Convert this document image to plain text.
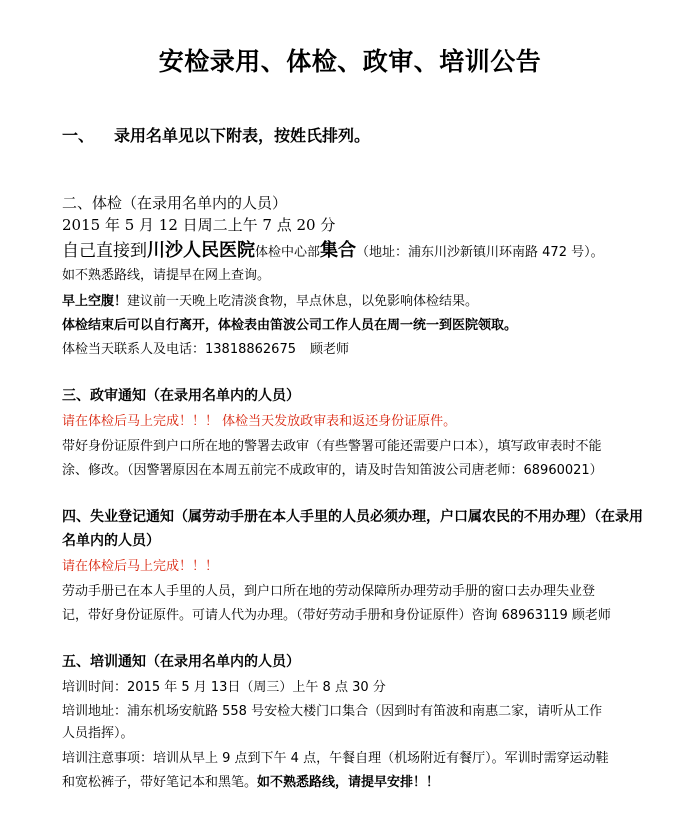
安检录用、体检、政审、培训公告
一、 录用名单见以下附表，按姓氏排列。
二、体检（在录用名单内的人员）
2015 年 5 月 12 日周二上午 7 点 20 分
自己直接到川沙人民医院体检中心部集合（地址：浦东川沙新镇川环南路 472 号）。
如不熟悉路线，请提早在网上查询。
早上空腹！建议前一天晚上吃清淡食物，早点休息，以免影响体检结果。
体检结束后可以自行离开，体检表由笛波公司工作人员在周一统一到医院领取。
体检当天联系人及电话：13818862675 顾老师
三、政审通知（在录用名单内的人员）
请在体检后马上完成！！！ 体检当天发放政审表和返还身份证原件。
带好身份证原件到户口所在地的警署去政审（有些警署可能还需要户口本），填写政审表时不能
涂、修改。（因警署原因在本周五前完不成政审的，请及时告知笛波公司唐老师：68960021）
四、失业登记通知（属劳动手册在本人手里的人员必须办理，户口属农民的不用办理）（在录用
名单内的人员）
请在体检后马上完成！！！
劳动手册已在本人手里的人员，到户口所在地的劳动保障所办理劳动手册的窗口去办理失业登
记，带好身份证原件。可请人代为办理。（带好劳动手册和身份证原件）咨询 68963119 顾老师
五、培训通知（在录用名单内的人员）
培训时间：2015 年 5 月 13日（周三）上午 8 点 30 分
培训地址：浦东机场安航路 558 号安检大楼门口集合（因到时有笛波和南惠二家，请听从工作
人员指挥）。
培训注意事项：培训从早上 9 点到下午 4 点，午餐自理（机场附近有餐厅）。军训时需穿运动鞋
和宽松裤子，带好笔记本和黑笔。如不熟悉路线，请提早安排！！
